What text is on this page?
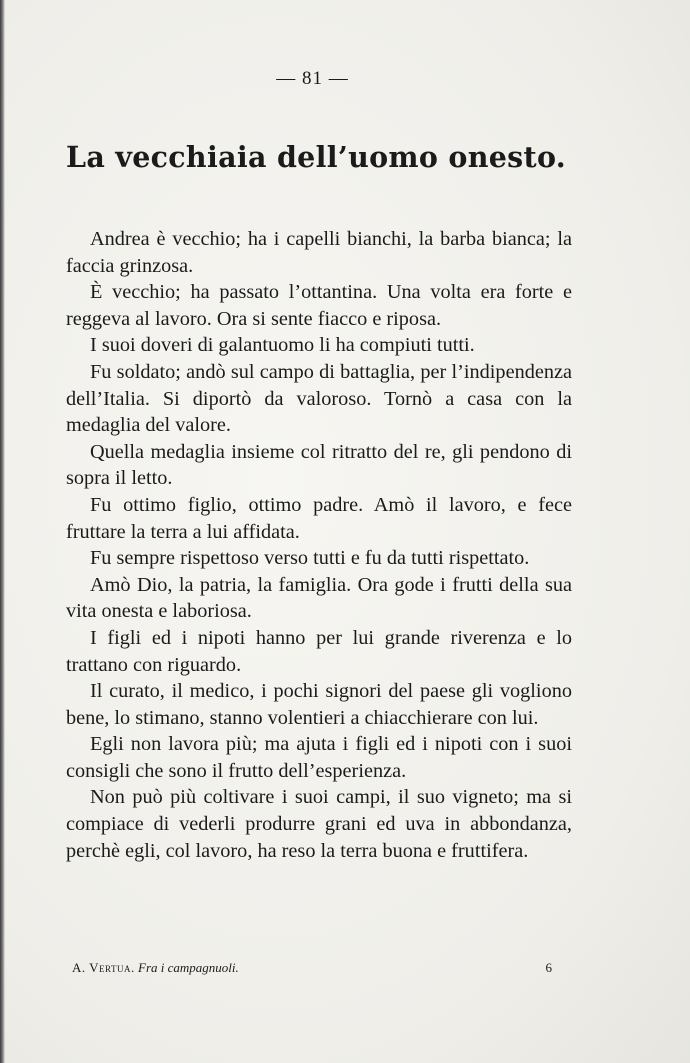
— 81 —
La vecchiaia dell’uomo onesto.

Andrea è vecchio; ha i capelli bianchi, la barba bianca; la faccia grinzosa.

È vecchio; ha passato l’ottantina. Una volta era forte e reggeva al lavoro. Ora si sente fiacco e riposa.

I suoi doveri di galantuomo li ha compiuti tutti.

Fu soldato; andò sul campo di battaglia, per l’indipendenza dell’Italia. Si diportò da valoroso. Tornò a casa con la medaglia del valore.

Quella medaglia insieme col ritratto del re, gli pendono di sopra il letto.

Fu ottimo figlio, ottimo padre. Amò il lavoro, e fece fruttare la terra a lui affidata.

Fu sempre rispettoso verso tutti e fu da tutti rispettato.

Amò Dio, la patria, la famiglia. Ora gode i frutti della sua vita onesta e laboriosa.

I figli ed i nipoti hanno per lui grande riverenza e lo trattano con riguardo.

Il curato, il medico, i pochi signori del paese gli vogliono bene, lo stimano, stanno volentieri a chiacchierare con lui.

Egli non lavora più; ma ajuta i figli ed i nipoti con i suoi consigli che sono il frutto dell’esperienza.

Non può più coltivare i suoi campi, il suo vigneto; ma si compiace di vederli produrre grani ed uva in abbondanza, perchè egli, col lavoro, ha reso la terra buona e fruttifera.

A. Vertua. Fra i campagnuoli.	6
